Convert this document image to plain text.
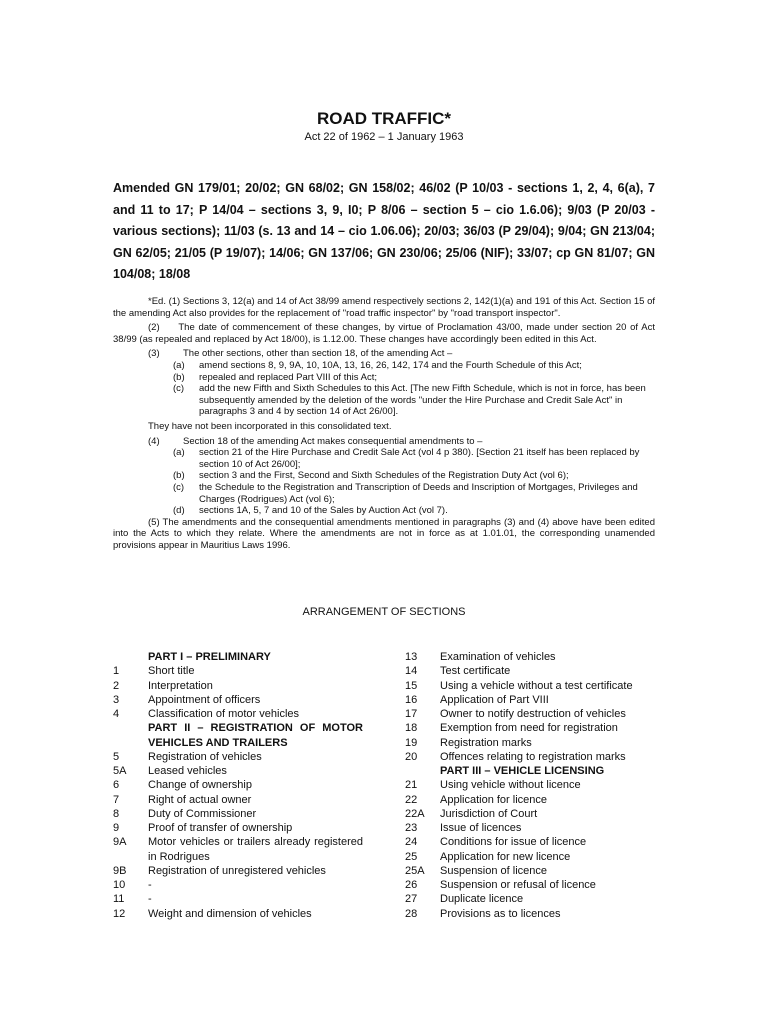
ROAD TRAFFIC*
Act 22 of 1962 – 1 January 1963

Amended GN 179/01; 20/02; GN 68/02; GN 158/02; 46/02 (P 10/03 - sections 1, 2, 4, 6(a), 7 and 11 to 17; P 14/04 – sections 3, 9, I0; P 8/06 – section 5 – cio 1.6.06); 9/03 (P 20/03 - various sections); 11/03 (s. 13 and 14 – cio 1.06.06); 20/03; 36/03 (P 29/04); 9/04; GN 213/04; GN 62/05; 21/05 (P 19/07); 14/06; GN 137/06; GN 230/06; 25/06 (NIF); 33/07; cp GN 81/07; GN 104/08; 18/08

*Ed. (1) Sections 3, 12(a) and 14 of Act 38/99 amend respectively sections 2, 142(1)(a) and 191 of this Act. Section 15 of the amending Act also provides for the replacement of "road traffic inspector" by "road transport inspector".

(2) The date of commencement of these changes, by virtue of Proclamation 43/00, made under section 20 of Act 38/99 (as repealed and replaced by Act 18/00), is 1.12.00. These changes have accordingly been edited in this Act.

(3)	The other sections, other than section 18, of the amending Act –
(a)	amend sections 8, 9, 9A, 10, 10A, 13, 16, 26, 142, 174 and the Fourth Schedule of this Act;
(b)	repealed and replaced Part VIII of this Act;
(c)	add the new Fifth and Sixth Schedules to this Act. [The new Fifth Schedule, which is not in force, has been subsequently amended by the deletion of the words "under the Hire Purchase and Credit Sale Act" in paragraphs 3 and 4 by section 14 of Act 26/00].

They have not been incorporated in this consolidated text.

(4)	Section 18 of the amending Act makes consequential amendments to –
(a)	section 21 of the Hire Purchase and Credit Sale Act (vol 4 p 380). [Section 21 itself has been replaced by section 10 of Act 26/00];
(b)	section 3 and the First, Second and Sixth Schedules of the Registration Duty Act (vol 6);
(c)	the Schedule to the Registration and Transcription of Deeds and Inscription of Mortgages, Privileges and Charges (Rodrigues) Act (vol 6);
(d)	sections 1A, 5, 7 and 10 of the Sales by Auction Act (vol 7).

(5) The amendments and the consequential amendments mentioned in paragraphs (3) and (4) above have been edited into the Acts to which they relate. Where the amendments are not in force as at 1.01.01, the corresponding unamended provisions appear in Mauritius Laws 1996.

ARRANGEMENT OF SECTIONS
PART I – PRELIMINARY
1	Short title
2	Interpretation
3	Appointment of officers
4	Classification of motor vehicles
PART II – REGISTRATION OF MOTOR VEHICLES AND TRAILERS
5	Registration of vehicles
5A	Leased vehicles
6	Change of ownership
7	Right of actual owner
8	Duty of Commissioner
9	Proof of transfer of ownership
9A	Motor vehicles or trailers already registered in Rodrigues
9B	Registration of unregistered vehicles
10	-
11	-
12	Weight and dimension of vehicles
13	Examination of vehicles
14	Test certificate
15	Using a vehicle without a test certificate
16	Application of Part VIII
17	Owner to notify destruction of vehicles
18	Exemption from need for registration
19	Registration marks
20	Offences relating to registration marks
PART III – VEHICLE LICENSING
21	Using vehicle without licence
22	Application for licence
22A	Jurisdiction of Court
23	Issue of licences
24	Conditions for issue of licence
25	Application for new licence
25A	Suspension of licence
26	Suspension or refusal of licence
27	Duplicate licence
28	Provisions as to licences
